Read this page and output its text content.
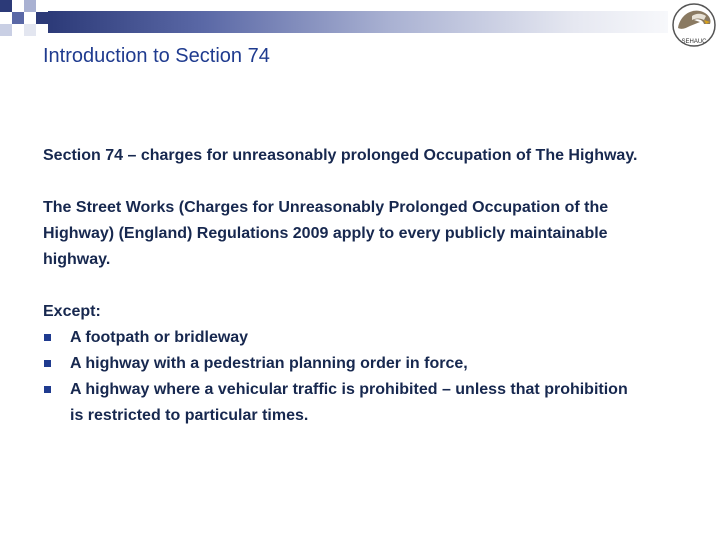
SEHAUC
Introduction to Section 74

Section 74 – charges for unreasonably prolonged Occupation of The Highway.

The Street Works (Charges for Unreasonably Prolonged Occupation of the Highway) (England) Regulations 2009 apply to every publicly maintainable highway.

Except:
A footpath or bridleway
A highway with a pedestrian planning order in force,
A highway where a vehicular traffic is prohibited – unless that prohibition is restricted to particular times.
